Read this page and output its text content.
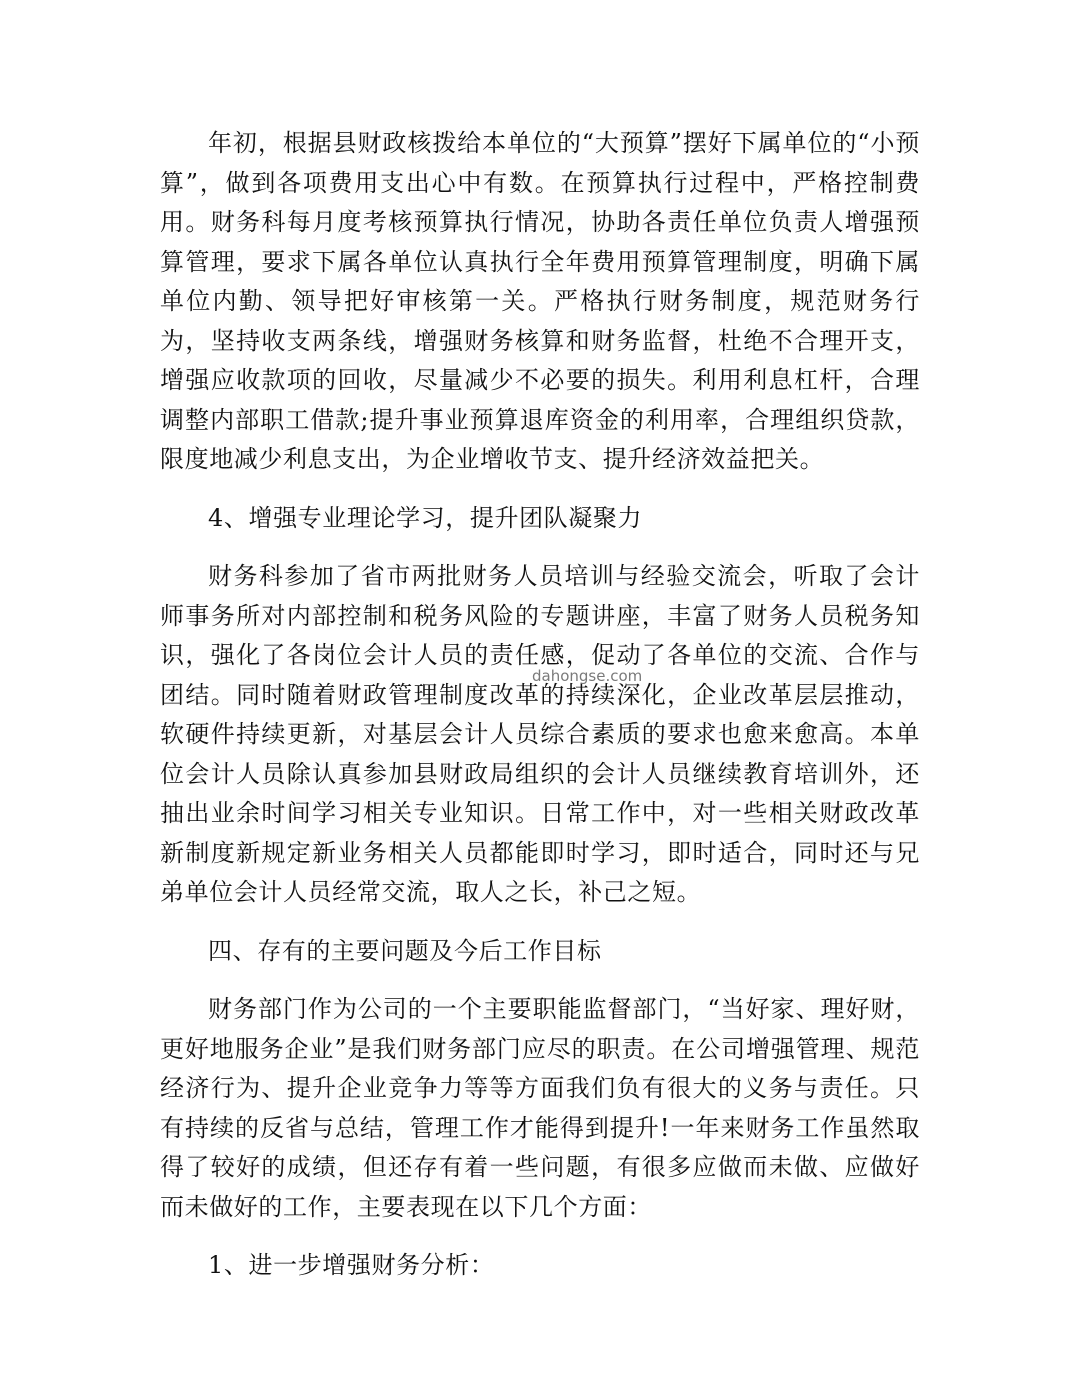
年初，根据县财政核拨给本单位的“大预算”摆好下属单位的“小预算”，做到各项费用支出心中有数。在预算执行过程中，严格控制费用。财务科每月度考核预算执行情况，协助各责任单位负责人增强预算管理，要求下属各单位认真执行全年费用预算管理制度，明确下属单位内勤、领导把好审核第一关。严格执行财务制度，规范财务行为，坚持收支两条线，增强财务核算和财务监督，杜绝不合理开支，增强应收款项的回收，尽量减少不必要的损失。利用利息杠杆，合理调整内部职工借款;提升事业预算退库资金的利用率，合理组织贷款，限度地减少利息支出，为企业增收节支、提升经济效益把关。

4、增强专业理论学习，提升团队凝聚力

财务科参加了省市两批财务人员培训与经验交流会，听取了会计师事务所对内部控制和税务风险的专题讲座，丰富了财务人员税务知识，强化了各岗位会计人员的责任感，促动了各单位的交流、合作与团结。同时随着财政管理制度改革的持续深化，企业改革层层推动，软硬件持续更新，对基层会计人员综合素质的要求也愈来愈高。本单位会计人员除认真参加县财政局组织的会计人员继续教育培训外，还抽出业余时间学习相关专业知识。日常工作中，对一些相关财政改革新制度新规定新业务相关人员都能即时学习，即时适合，同时还与兄弟单位会计人员经常交流，取人之长，补己之短。

四、存有的主要问题及今后工作目标

财务部门作为公司的一个主要职能监督部门，“当好家、理好财，更好地服务企业”是我们财务部门应尽的职责。在公司增强管理、规范经济行为、提升企业竞争力等等方面我们负有很大的义务与责任。只有持续的反省与总结，管理工作才能得到提升!一年来财务工作虽然取得了较好的成绩，但还存有着一些问题，有很多应做而未做、应做好而未做好的工作，主要表现在以下几个方面：

1、进一步增强财务分析：

dahongse.com
